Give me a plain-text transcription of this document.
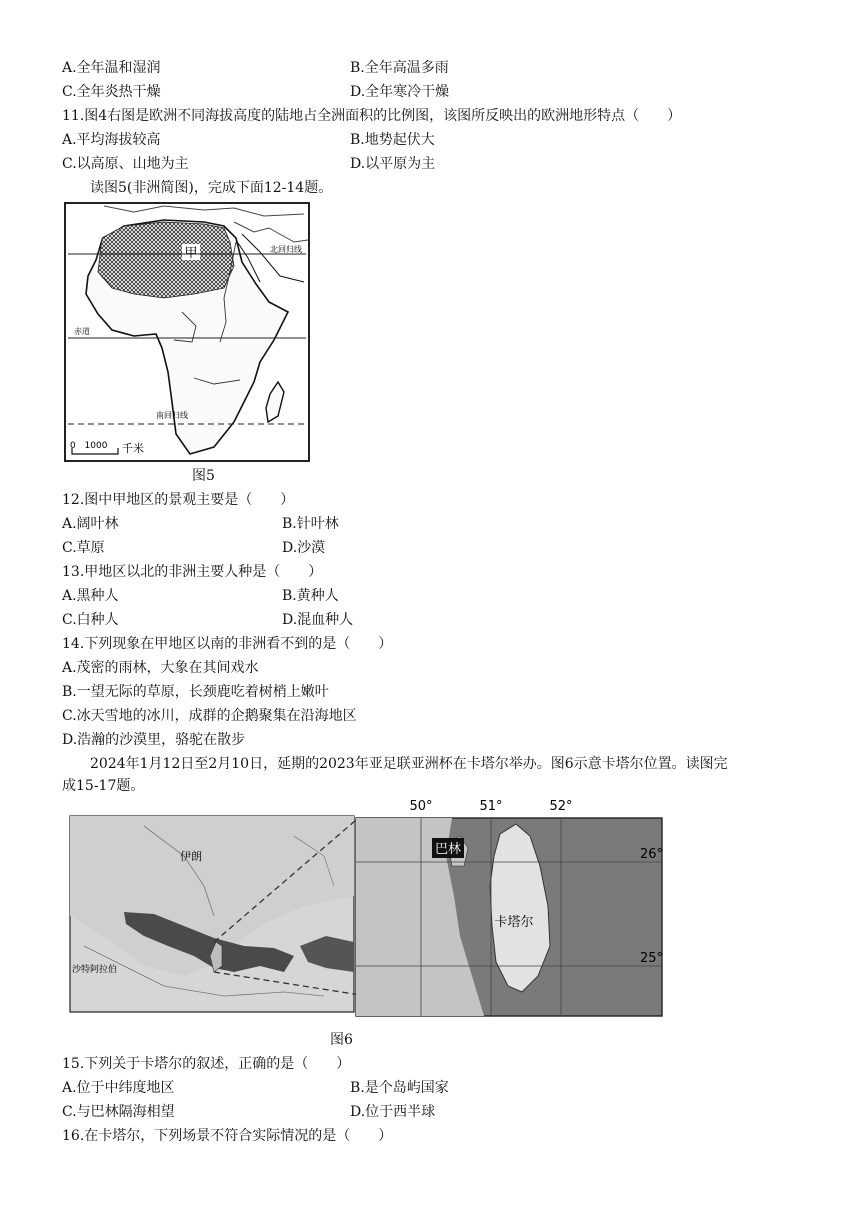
A.全年温和湿润	B.全年高温多雨
C.全年炎热干燥	D.全年寒冷干燥
11.图4右图是欧洲不同海拔高度的陆地占全洲面积的比例图，该图所反映出的欧洲地形特点（　　）
A.平均海拔较高	B.地势起伏大
C.以高原、山地为主	D.以平原为主
读图5(非洲简图)，完成下面12-14题。
甲	北回归线
赤道
南回归线
0 1000 千米
图5
12.图中甲地区的景观主要是（　　）
A.阔叶林	B.针叶林
C.草原	D.沙漠
13.甲地区以北的非洲主要人种是（　　）
A.黑种人	B.黄种人
C.白种人	D.混血种人
14.下列现象在甲地区以南的非洲看不到的是（　　）
A.茂密的雨林，大象在其间戏水
B.一望无际的草原，长颈鹿吃着树梢上嫩叶
C.冰天雪地的冰川，成群的企鹅聚集在沿海地区
D.浩瀚的沙漠里，骆驼在散步
2024年1月12日至2月10日，延期的2023年亚足联亚洲杯在卡塔尔举办。图6示意卡塔尔位置。读图完
成15-17题。
伊朗
沙特阿拉伯
巴林
卡塔尔
50°	51°	52°
26°
25°
图6
15.下列关于卡塔尔的叙述，正确的是（　　）
A.位于中纬度地区	B.是个岛屿国家
C.与巴林隔海相望	D.位于西半球
16.在卡塔尔，下列场景不符合实际情况的是（　　）
